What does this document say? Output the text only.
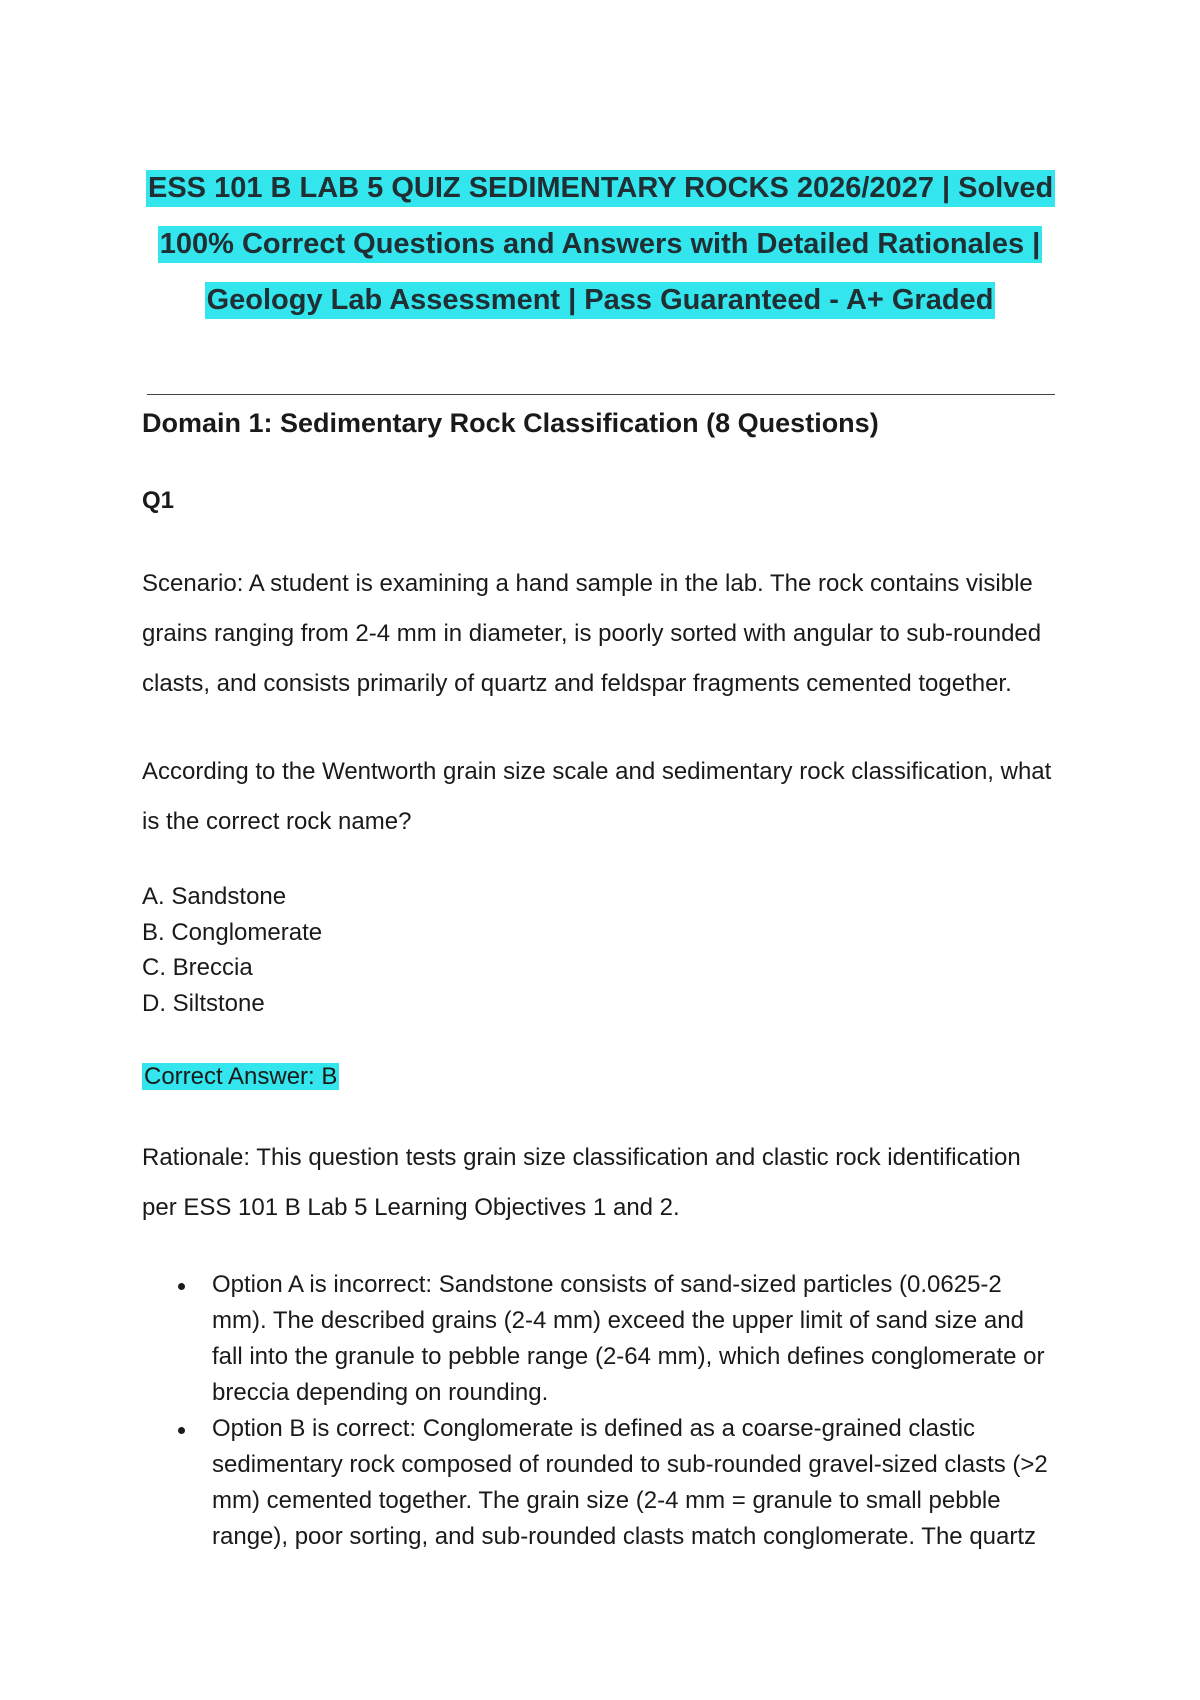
ESS 101 B LAB 5 QUIZ SEDIMENTARY ROCKS 2026/2027 | Solved
100% Correct Questions and Answers with Detailed Rationales |
Geology Lab Assessment | Pass Guaranteed - A+ Graded
Domain 1: Sedimentary Rock Classification (8 Questions)
Q1

Scenario: A student is examining a hand sample in the lab. The rock contains visible grains ranging from 2-4 mm in diameter, is poorly sorted with angular to sub-rounded clasts, and consists primarily of quartz and feldspar fragments cemented together.

According to the Wentworth grain size scale and sedimentary rock classification, what is the correct rock name?

A. Sandstone
B. Conglomerate
C. Breccia
D. Siltstone
Correct Answer: B

Rationale: This question tests grain size classification and clastic rock identification per ESS 101 B Lab 5 Learning Objectives 1 and 2.

Option A is incorrect: Sandstone consists of sand-sized particles (0.0625-2 mm). The described grains (2-4 mm) exceed the upper limit of sand size and fall into the granule to pebble range (2-64 mm), which defines conglomerate or breccia depending on rounding.
Option B is correct: Conglomerate is defined as a coarse-grained clastic sedimentary rock composed of rounded to sub-rounded gravel-sized clasts (>2 mm) cemented together. The grain size (2-4 mm = granule to small pebble range), poor sorting, and sub-rounded clasts match conglomerate. The quartz
